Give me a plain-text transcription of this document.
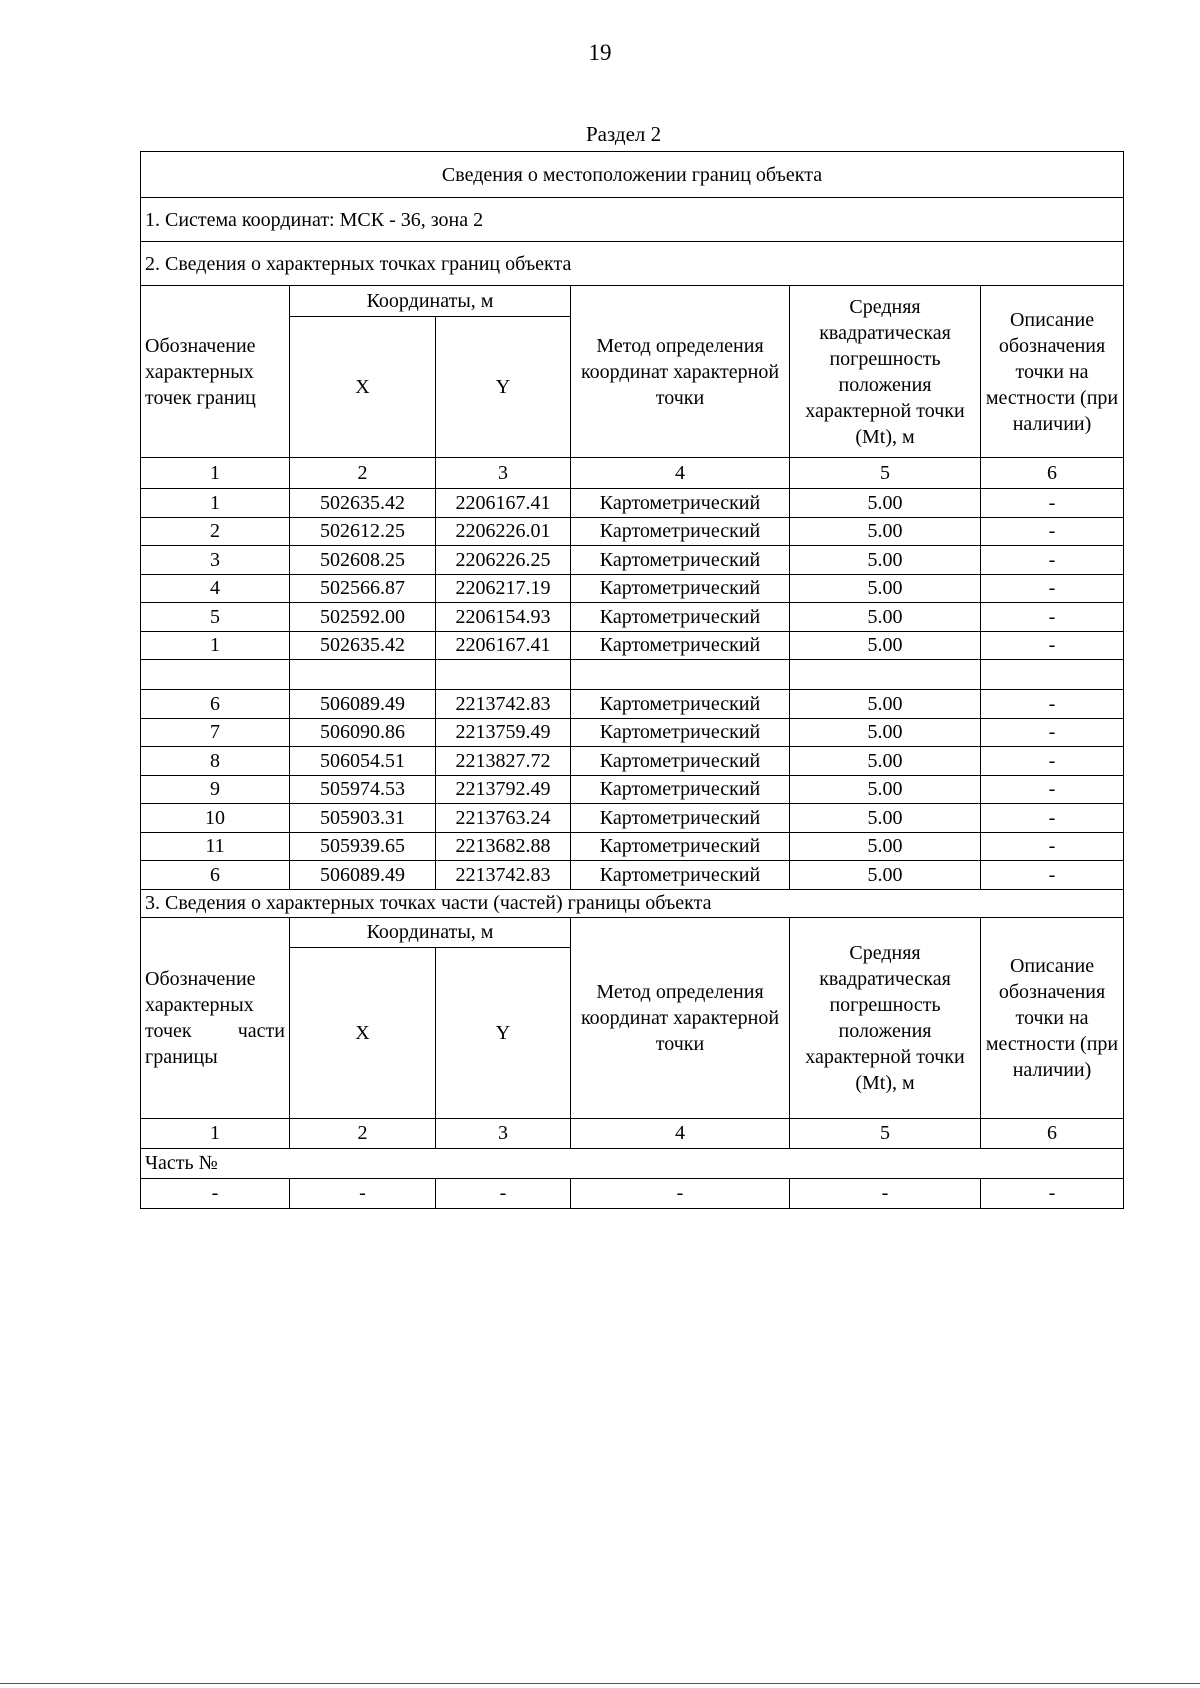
19
Раздел 2
Сведения о местоположении границ объекта					
1. Система координат: МСК - 36, зона 2					
2. Сведения о характерных точках границ объекта					
Обозначение характерных точек границ	Координаты, м		Метод определения координат характерной точки	Средняя квадратическая погрешность положения характерной точки (Mt), м	Описание обозначения точки на местности (при наличии)
	X	Y			
1	2	3	4	5	6
1	502635.42	2206167.41	Картометрический	5.00	-
2	502612.25	2206226.01	Картометрический	5.00	-
3	502608.25	2206226.25	Картометрический	5.00	-
4	502566.87	2206217.19	Картометрический	5.00	-
5	502592.00	2206154.93	Картометрический	5.00	-
1	502635.42	2206167.41	Картометрический	5.00	-

6	506089.49	2213742.83	Картометрический	5.00	-
7	506090.86	2213759.49	Картометрический	5.00	-
8	506054.51	2213827.72	Картометрический	5.00	-
9	505974.53	2213792.49	Картометрический	5.00	-
10	505903.31	2213763.24	Картометрический	5.00	-
11	505939.65	2213682.88	Картометрический	5.00	-
6	506089.49	2213742.83	Картометрический	5.00	-
3. Сведения о характерных точках части (частей) границы объекта					
Обозначение характерных точек части границы	Координаты, м		Метод определения координат характерной точки	Средняя квадратическая погрешность положения характерной точки (Mt), м	Описание обозначения точки на местности (при наличии)
	X	Y			
1	2	3	4	5	6
Часть №					
-	-	-	-	-	-
